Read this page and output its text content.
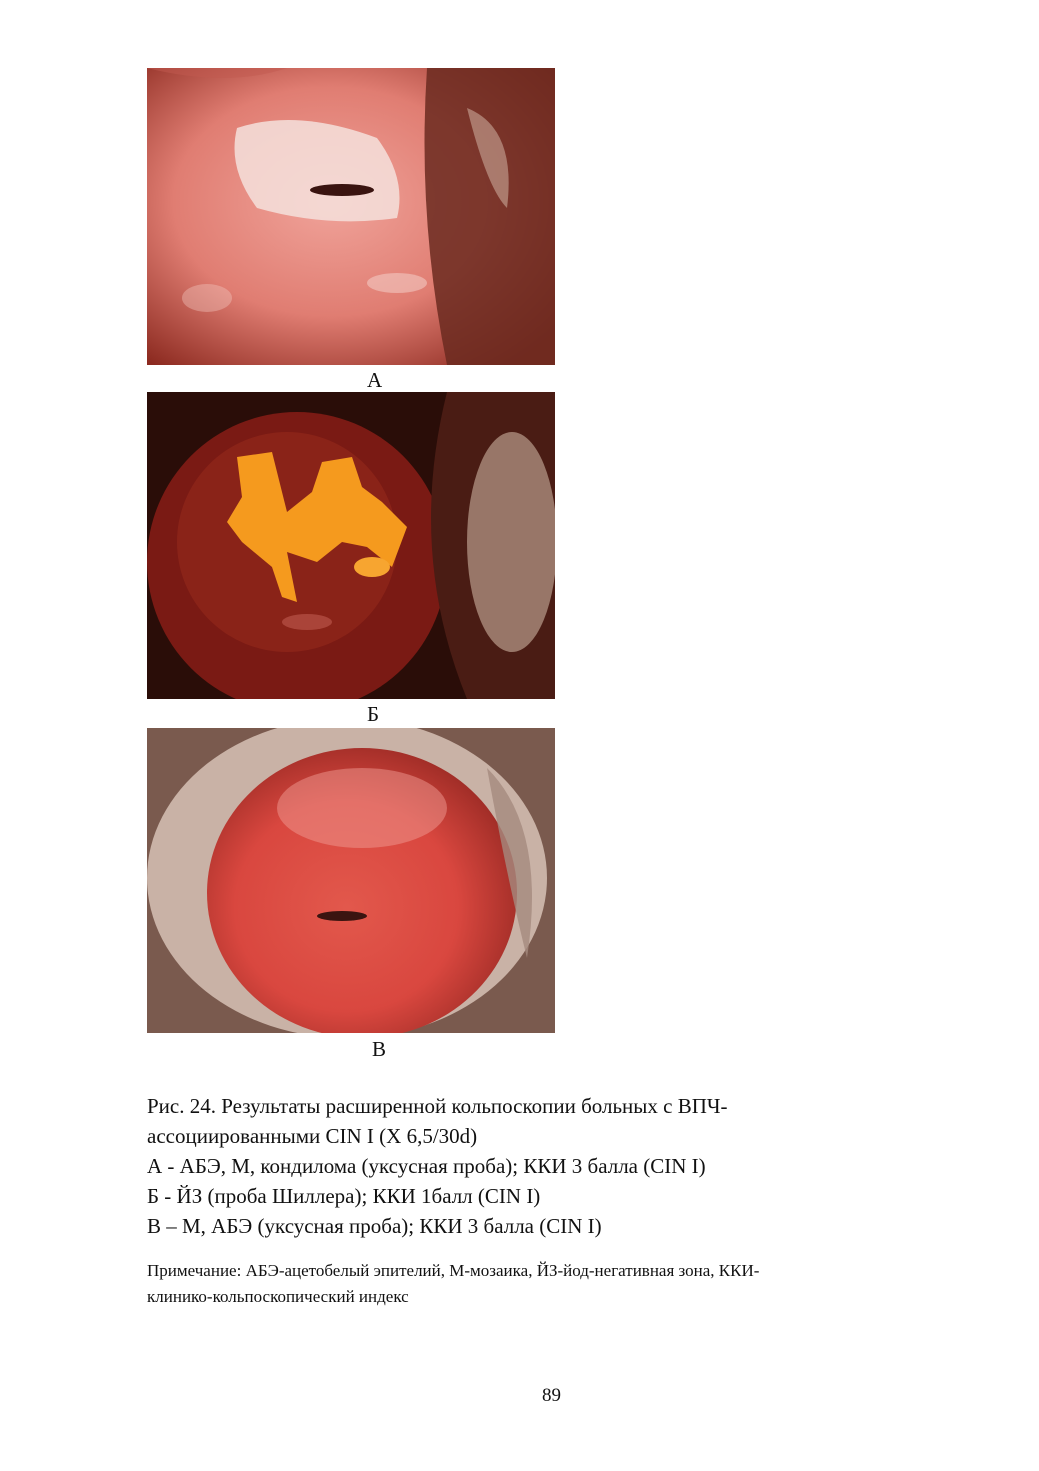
А
Б
В
Рис. 24. Результаты расширенной кольпоскопии больных с ВПЧ-
ассоциированными CIN I (Х 6,5/30d)
А - АБЭ, М, кондилома (уксусная проба); ККИ 3 балла (CIN I)
Б - ЙЗ (проба Шиллера); ККИ 1балл (CIN I)
В – М, АБЭ (уксусная проба); ККИ 3 балла (CIN I)
Примечание: АБЭ-ацетобелый эпителий, М-мозаика, ЙЗ-йод-негативная зона, ККИ-
клинико-кольпоскопический индекс
89
